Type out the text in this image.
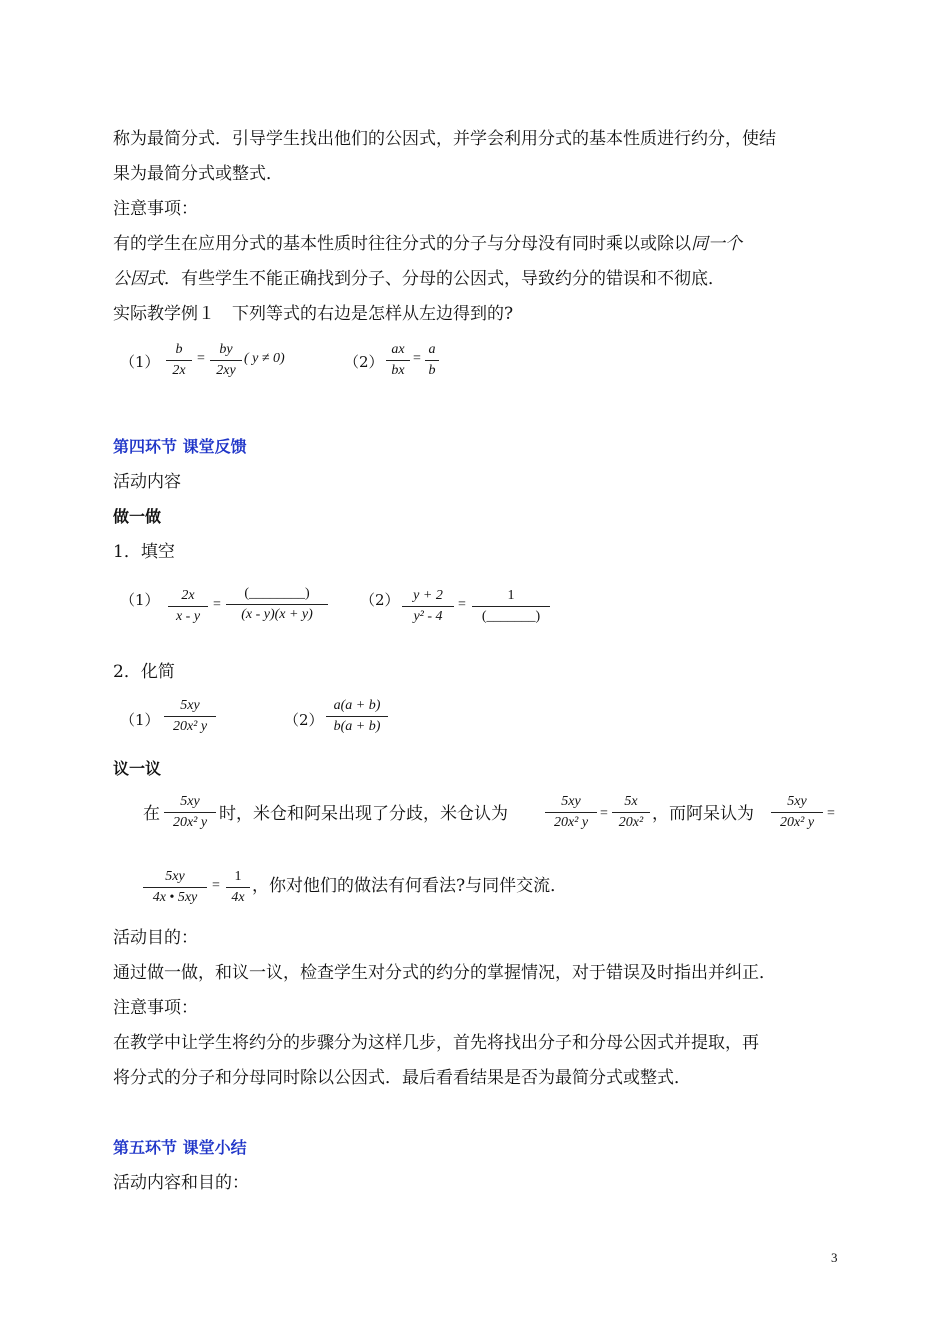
称为最简分式．引导学生找出他们的公因式，并学会利用分式的基本性质进行约分，使结
果为最简分式或整式．
注意事项：
有的学生在应用分式的基本性质时往往分式的分子与分母没有同时乘以或除以同一个
公因式．有些学生不能正确找到分子、分母的公因式，导致约分的错误和不彻底．
实际教学例１　下列等式的右边是怎样从左边得到的?
（1）
b
2x
=
by
2xy
( y ≠ 0)	（2）
ax
bx
=
a
b
第四环节 课堂反馈
活动内容
做一做
1．填空
（1）	2x
x - y
=
(________)
(x - y)(x + y)
（2） y + 2
y² - 4
=
1
(_______)
2．化简
（1）
5xy
20x² y	（2）
a(a + b)
b(a + b)
议一议
在
5xy
20x² y 时，米仓和阿呆出现了分歧，米仓认为
5xy
20x² y
=
5x
20x² ，而阿呆认为
5xy
20x² y
=
5xy
4x • 5xy
=
1
4x
，你对他们的做法有何看法?与同伴交流．
活动目的：
通过做一做，和议一议，检查学生对分式的约分的掌握情况，对于错误及时指出并纠正．
注意事项：
在教学中让学生将约分的步骤分为这样几步，首先将找出分子和分母公因式并提取，再
将分式的分子和分母同时除以公因式．最后看看结果是否为最简分式或整式．
第五环节 课堂小结
活动内容和目的：
3
